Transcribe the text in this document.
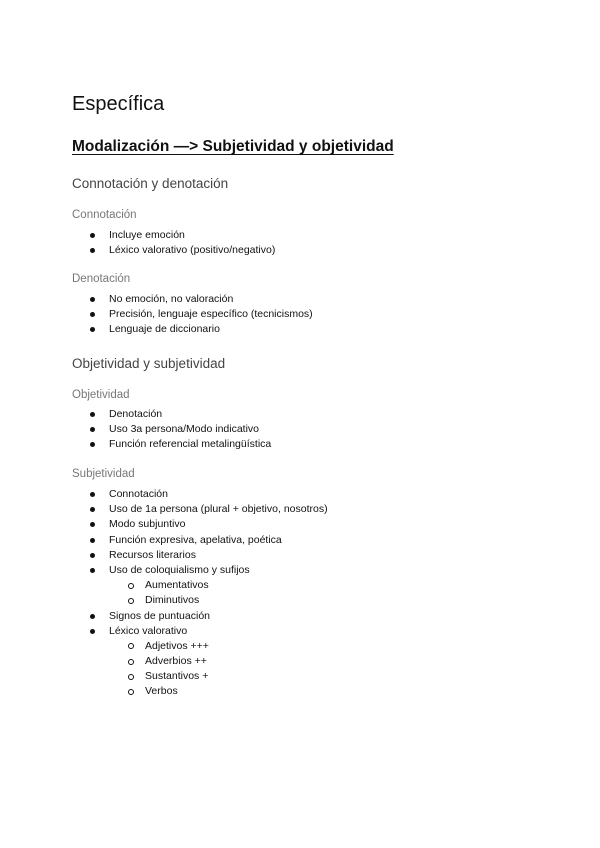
Específica
Modalización —> Subjetividad y objetividad
Connotación y denotación
Connotación
Incluye emoción
Léxico valorativo (positivo/negativo)
Denotación
No emoción, no valoración
Precisión, lenguaje específico (tecnicismos)
Lenguaje de diccionario
Objetividad y subjetividad
Objetividad
Denotación
Uso 3a persona/Modo indicativo
Función referencial metalingüística
Subjetividad
Connotación
Uso de 1a persona (plural + objetivo, nosotros)
Modo subjuntivo
Función expresiva, apelativa, poética
Recursos literarios
Uso de coloquialismo y sufijos
Aumentativos
Diminutivos
Signos de puntuación
Léxico valorativo
Adjetivos +++
Adverbios ++
Sustantivos +
Verbos
